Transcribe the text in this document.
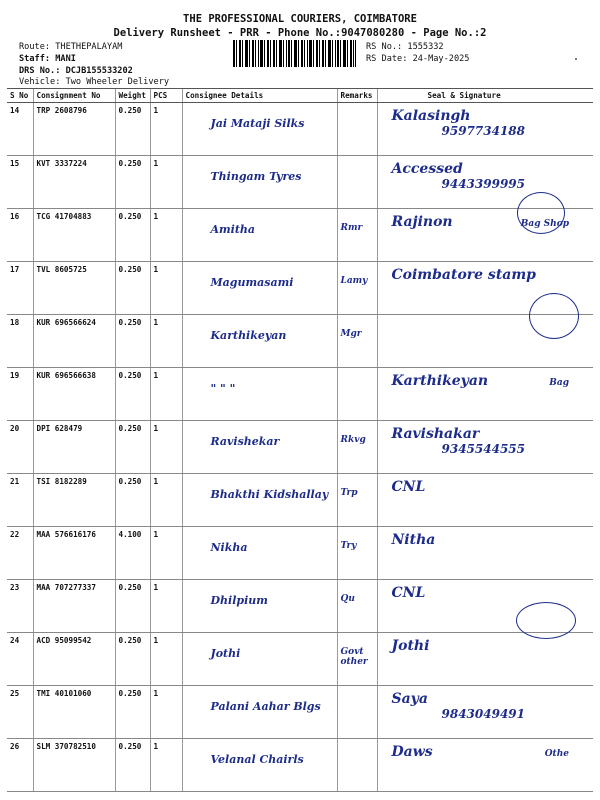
THE PROFESSIONAL COURIERS, COIMBATORE
Delivery Runsheet - PRR - Phone No.:9047080280 - Page No.:2
Route: THETHEPALAYAM
Staff: MANI
DRS No.: DCJB155533202
Vehicle: Two Wheeler Delivery
RS No.: 1555332
RS Date: 24-May-2025
S No	Consignment No	Weight	PCS	Consignee Details	Remarks	Seal & Signature
14	TRP 2608796	0.250	1	Jai Mataji Silks		Kalasingh
9597734188

15	KVT 3337224	0.250	1	Thingam Tyres		Accessed
9443399995

16	TCG 41704883	0.250	1	Amitha	Rmr	Rajinon Bag Shop

17	TVL 8605725	0.250	1	Magumasami	Lamy	Coimbatore stamp
18	KUR 696566624	0.250	1	Karthikeyan	Mgr	
19	KUR 696566638	0.250	1	" " "		Karthikeyan Bag

20	DPI 628479	0.250	1	Ravishekar	Rkvg	Ravishakar
9345544555

21	TSI 8182289	0.250	1	Bhakthi Kidshallay	Trp	CNL
22	MAA 576616176	4.100	1	Nikha	Try	Nitha
23	MAA 707277337	0.250	1	Dhilpium	Qu	CNL
24	ACD 95099542	0.250	1	Jothi	Govt other	Jothi
25	TMI 40101060	0.250	1	Palani Aahar Blgs		Saya
9843049491

26	SLM 370782510	0.250	1	Velanal Chairls		Daws Othe
